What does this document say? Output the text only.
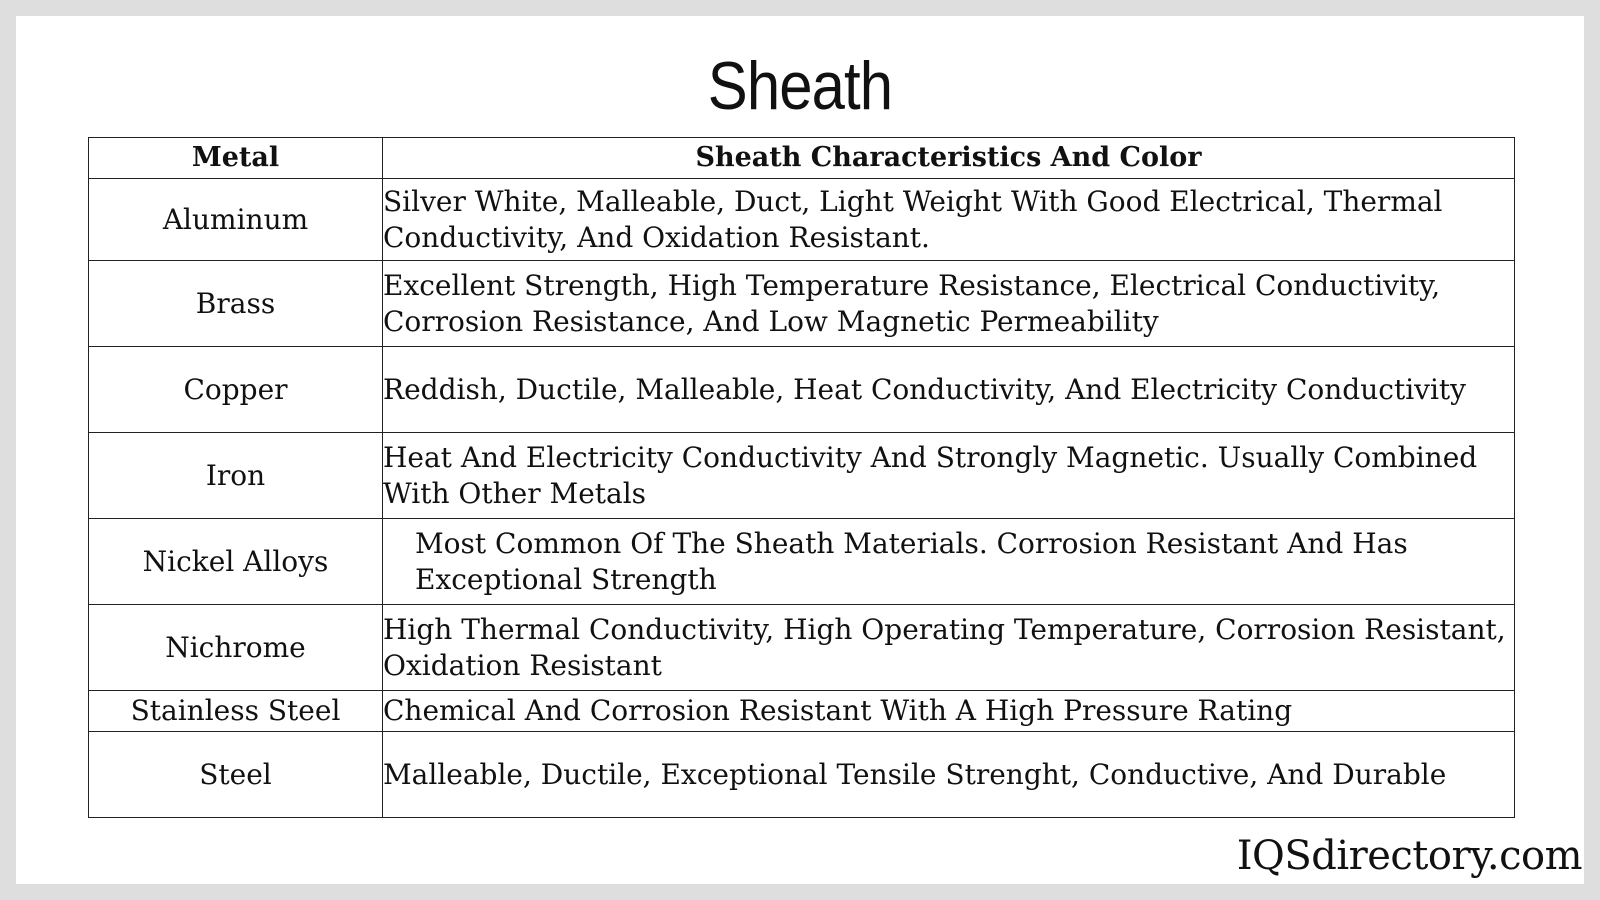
Sheath
Metal	Sheath Characteristics And Color
Aluminum	Silver White, Malleable, Duct, Light Weight With Good Electrical, Thermal Conductivity, And Oxidation Resistant.
Brass	Excellent Strength, High Temperature Resistance, Electrical Conductivity, Corrosion Resistance, And Low Magnetic Permeability
Copper	Reddish, Ductile, Malleable, Heat Conductivity, And Electricity Conductivity
Iron	Heat And Electricity Conductivity And Strongly Magnetic. Usually Combined With Other Metals
Nickel Alloys	Most Common Of The Sheath Materials. Corrosion Resistant And Has Exceptional Strength
Nichrome	High Thermal Conductivity, High Operating Temperature, Corrosion Resistant, Oxidation Resistant
Stainless Steel	Chemical And Corrosion Resistant With A High Pressure Rating
Steel	Malleable, Ductile, Exceptional Tensile Strenght, Conductive, And Durable
IQSdirectory.com
